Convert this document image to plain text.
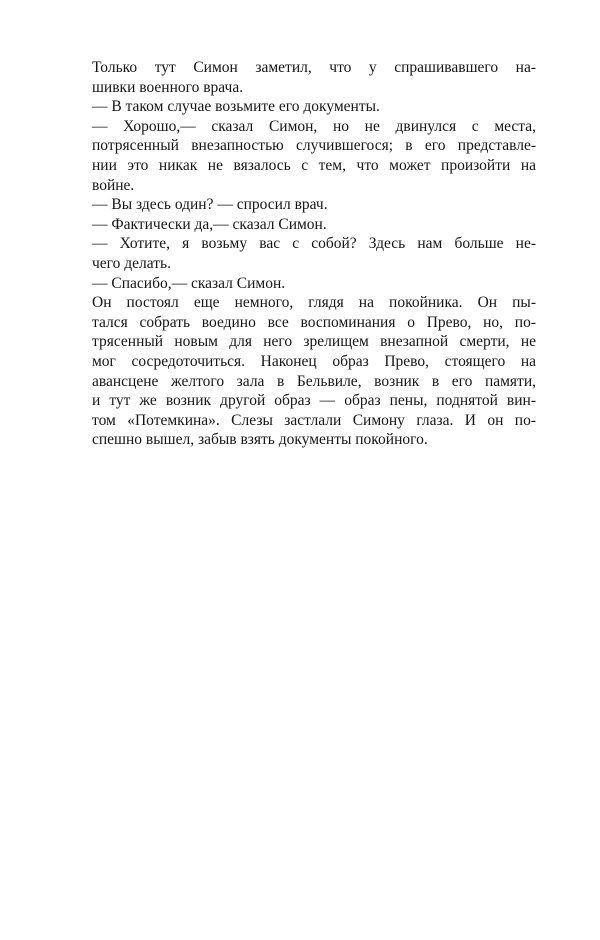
Только тут Симон заметил, что у спрашивавшего на-
шивки военного врача.

— В таком случае возьмите его документы.

— Хорошо,— сказал Симон, но не двинулся с места,
потрясенный внезапностью случившегося; в его представле-
нии это никак не вязалось с тем, что может произойти на
войне.

— Вы здесь один? — спросил врач.

— Фактически да,— сказал Симон.

— Хотите, я возьму вас с собой? Здесь нам больше не-
чего делать.

— Спасибо,— сказал Симон.

Он постоял еще немного, глядя на покойника. Он пы-
тался собрать воедино все воспоминания о Прево, но, по-
трясенный новым для него зрелищем внезапной смерти, не
мог сосредоточиться. Наконец образ Прево, стоящего на
авансцене желтого зала в Бельвиле, возник в его памяти,
и тут же возник другой образ — образ пены, поднятой вин-
том «Потемкина». Слезы застлали Симону глаза. И он по-
спешно вышел, забыв взять документы покойного.
